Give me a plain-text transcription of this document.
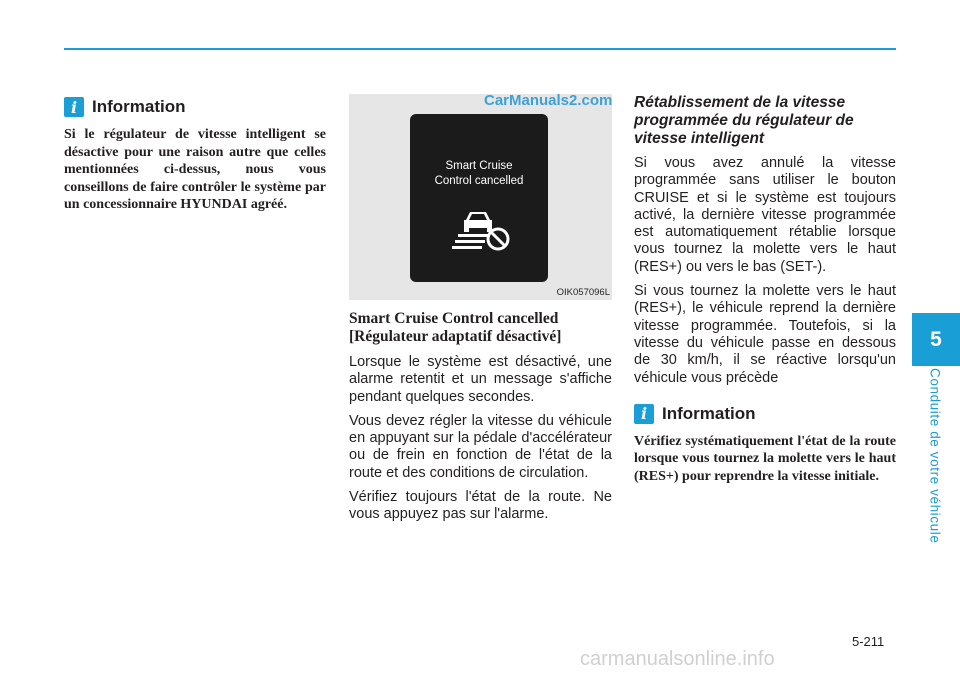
5
Conduite de votre véhicule
i Information

Si le régulateur de vitesse intelligent se désactive pour une raison autre que celles mentionnées ci-dessus, nous vous conseillons de faire contrôler le système par un concessionnaire HYUNDAI agréé.

CarManuals2.com
Smart Cruise
Control cancelled
OIK057096L
Smart Cruise Control cancelled
[Régulateur adaptatif désactivé]

Lorsque le système est désactivé, une alarme retentit et un message s'affiche pendant quelques secondes.

Vous devez régler la vitesse du véhicule en appuyant sur la pédale d'accélérateur ou de frein en fonction de l'état de la route et des conditions de circulation.

Vérifiez toujours l'état de la route. Ne vous appuyez pas sur l'alarme.

Rétablissement de la vitesse programmée du régulateur de vitesse intelligent

Si vous avez annulé la vitesse programmée sans utiliser le bouton CRUISE et si le système est toujours activé, la dernière vitesse programmée est automatiquement rétablie lorsque vous tournez la molette vers le haut (RES+) ou vers le bas (SET-).

Si vous tournez la molette vers le haut (RES+), le véhicule reprend la dernière vitesse programmée. Toutefois, si la vitesse du véhicule passe en dessous de 30 km/h, il se réactive lorsqu'un véhicule vous précède

i Information

Vérifiez systématiquement l'état de la route lorsque vous tournez la molette vers le haut (RES+) pour reprendre la vitesse initiale.

5-211
carmanualsonline.info
